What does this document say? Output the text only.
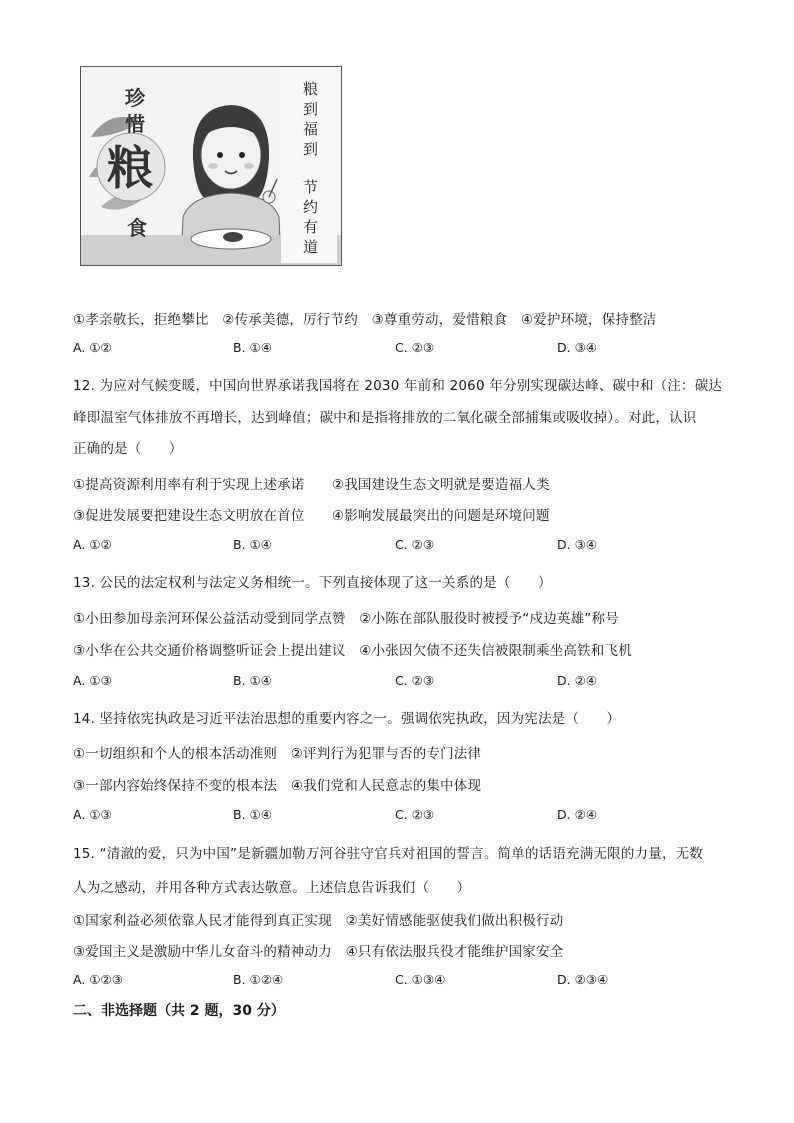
珍
惜
粮
食
粮
到
福
到
节
约
有
道
①孝亲敬长，拒绝攀比　②传承美德，厉行节约　③尊重劳动，爱惜粮食　④爱护环境，保持整洁
A. ①②	B. ①④	C. ②③	D. ③④
12. 为应对气候变暖，中国向世界承诺我国将在 2030 年前和 2060 年分别实现碳达峰、碳中和（注：碳达
峰即温室气体排放不再增长，达到峰值；碳中和是指将排放的二氧化碳全部捕集或吸收掉）。对此，认识
正确的是（　　）
①提高资源利用率有利于实现上述承诺　　②我国建设生态文明就是要造福人类
③促进发展要把建设生态文明放在首位　　④影响发展最突出的问题是环境问题
A. ①②	B. ①④	C. ②③	D. ③④
13. 公民的法定权利与法定义务相统一。下列直接体现了这一关系的是（　　）
①小田参加母亲河环保公益活动受到同学点赞　②小陈在部队服役时被授予“戍边英雄”称号
③小华在公共交通价格调整听证会上提出建议　④小张因欠债不还失信被限制乘坐高铁和飞机
A. ①③	B. ①④	C. ②③	D. ②④
14. 坚持依宪执政是习近平法治思想的重要内容之一。强调依宪执政，因为宪法是（　　）
①一切组织和个人的根本活动准则　②评判行为犯罪与否的专门法律
③一部内容始终保持不变的根本法　④我们党和人民意志的集中体现
A. ①③	B. ①④	C. ②③	D. ②④
15. “清澈的爱，只为中国”是新疆加勒万河谷驻守官兵对祖国的誓言。简单的话语充满无限的力量，无数
人为之感动，并用各种方式表达敬意。上述信息告诉我们（　　）
①国家利益必须依靠人民才能得到真正实现　②美好情感能驱使我们做出积极行动
③爱国主义是激励中华儿女奋斗的精神动力　④只有依法服兵役才能维护国家安全
A. ①②③	B. ①②④	C. ①③④	D. ②③④
二、非选择题（共 2 题，30 分）
